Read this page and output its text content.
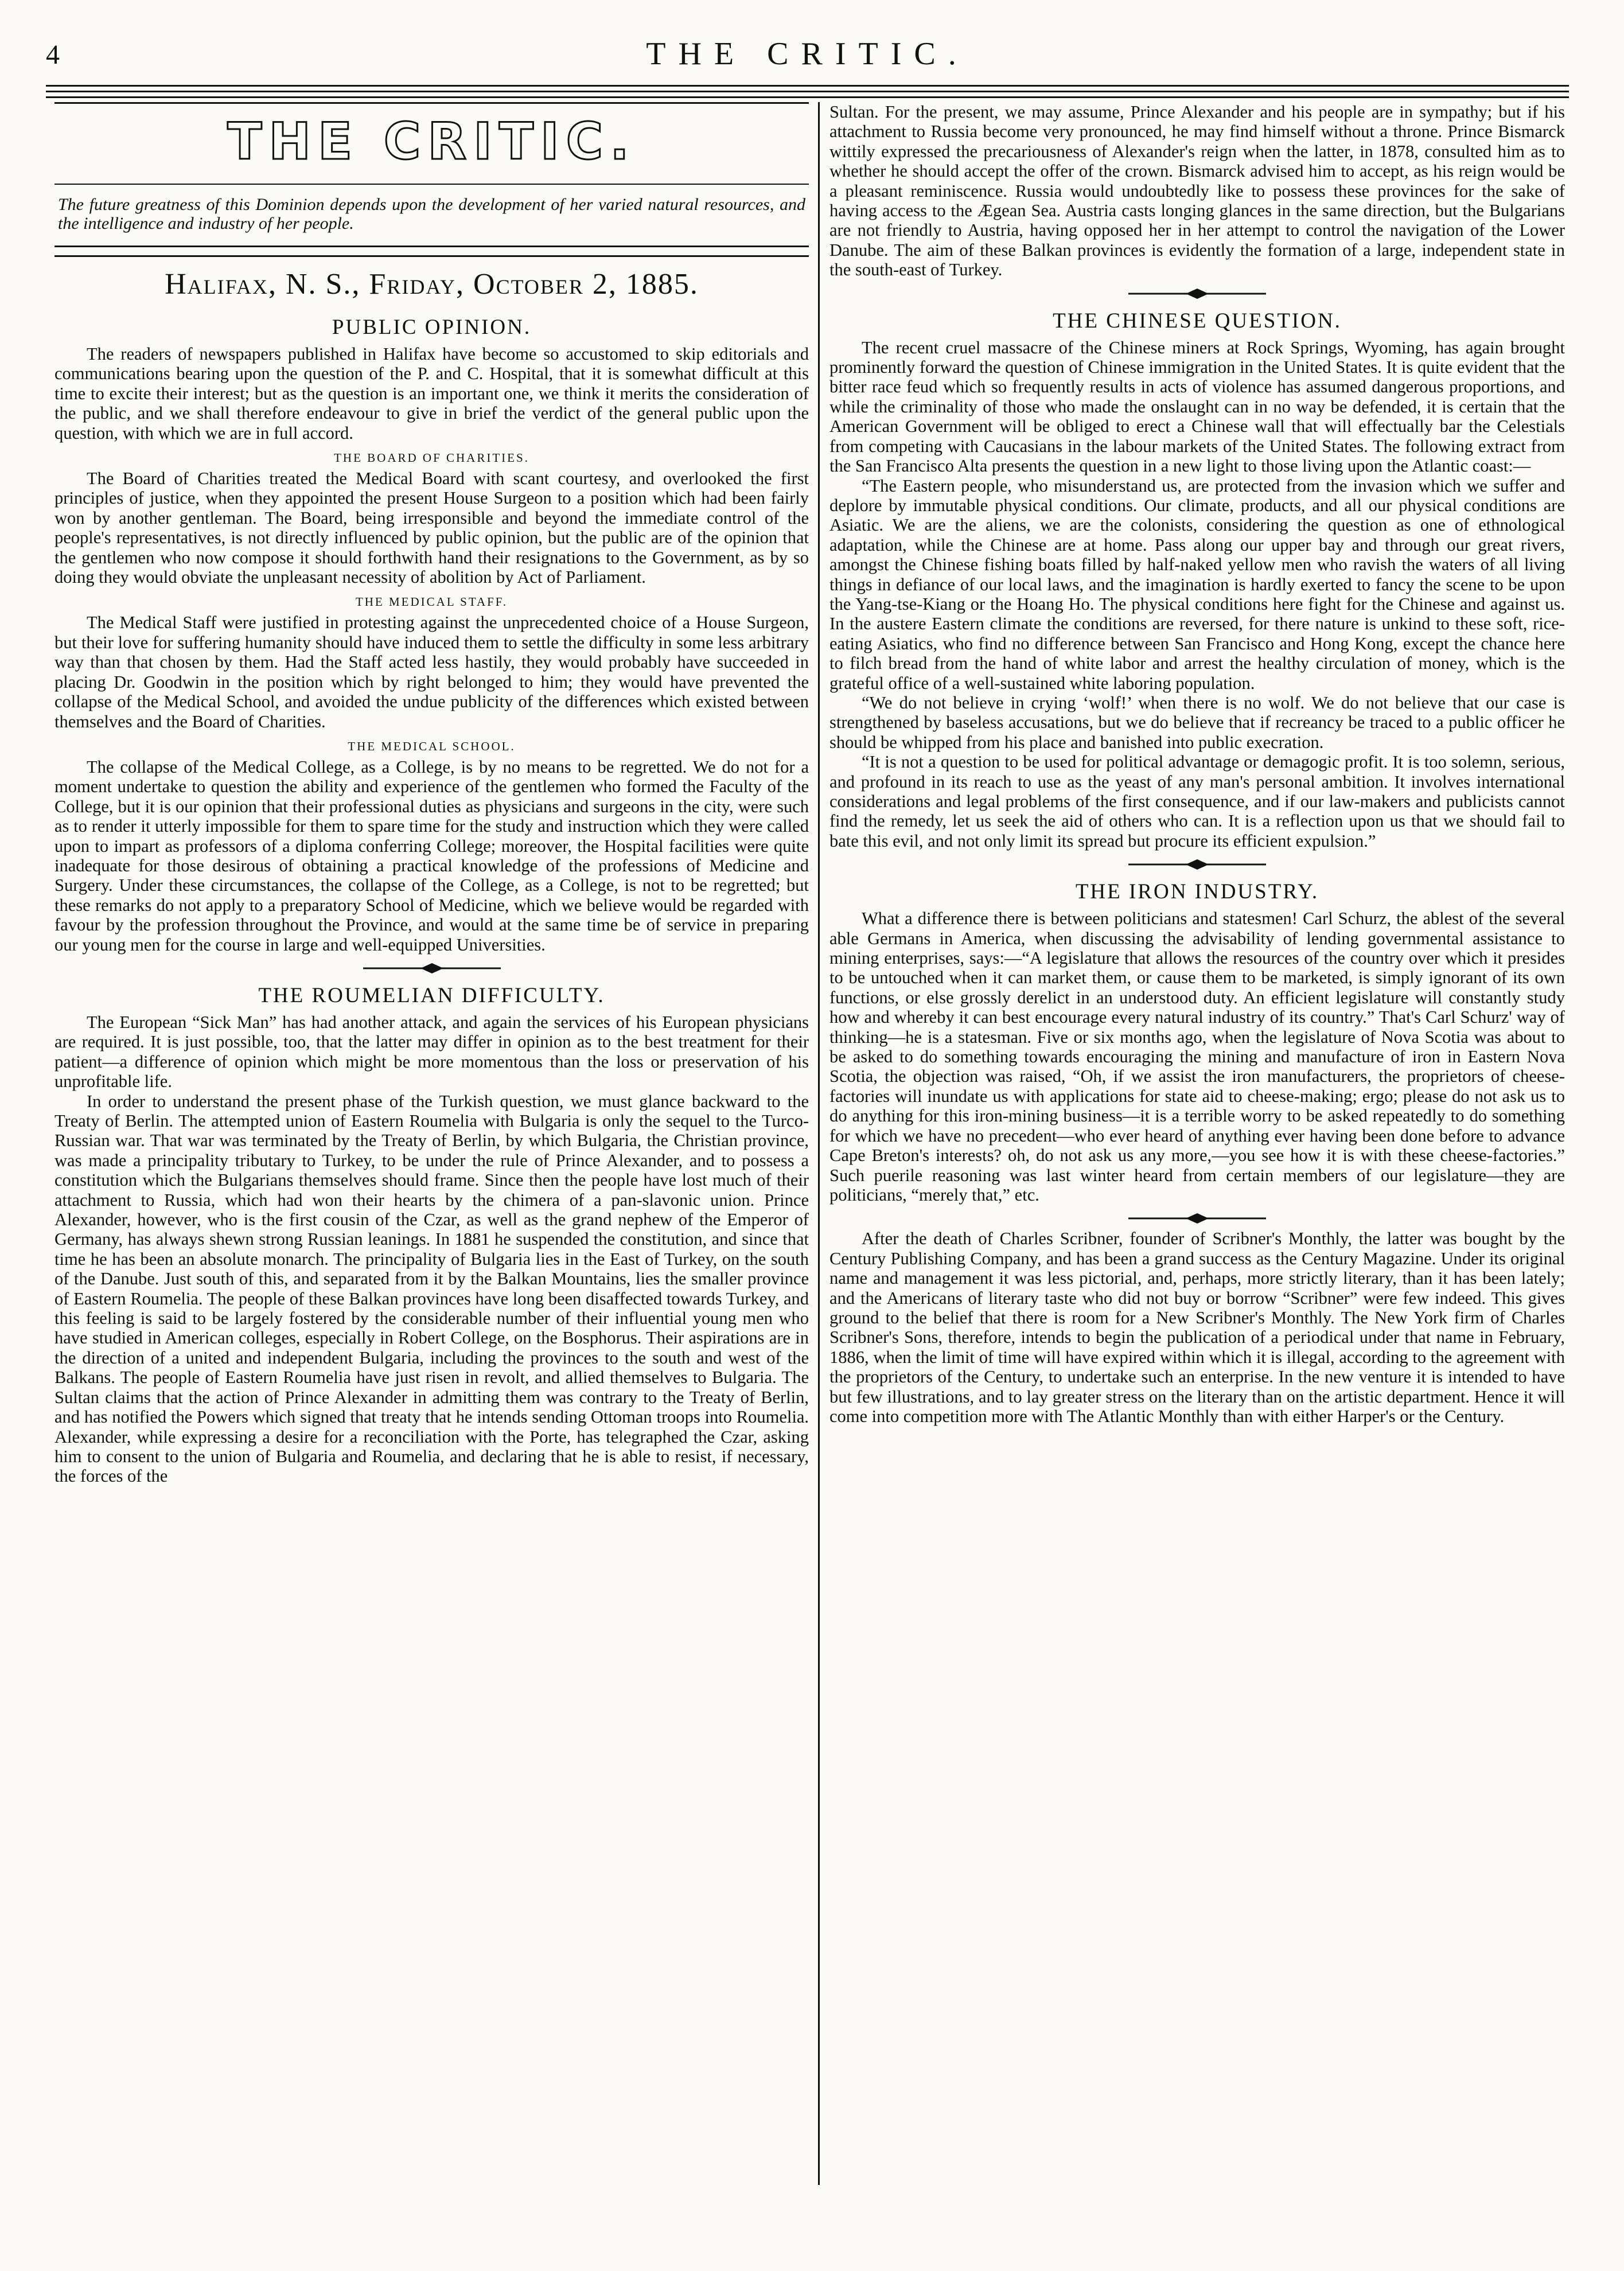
4	THE CRITIC.
THE CRITIC.
The future greatness of this Dominion depends upon the development of her varied natural resources, and the intelligence and industry of her people.
Halifax, N. S., Friday, October 2, 1885.
PUBLIC OPINION.

The readers of newspapers published in Halifax have become so accustomed to skip editorials and communications bearing upon the question of the P. and C. Hospital, that it is somewhat difficult at this time to excite their interest; but as the question is an important one, we think it merits the consideration of the public, and we shall therefore endeavour to give in brief the verdict of the general public upon the question, with which we are in full accord.

THE BOARD OF CHARITIES.

The Board of Charities treated the Medical Board with scant courtesy, and overlooked the first principles of justice, when they appointed the present House Surgeon to a position which had been fairly won by another gentleman. The Board, being irresponsible and beyond the immediate control of the people's representatives, is not directly influenced by public opinion, but the public are of the opinion that the gentlemen who now compose it should forthwith hand their resignations to the Government, as by so doing they would obviate the unpleasant necessity of abolition by Act of Parliament.

THE MEDICAL STAFF.

The Medical Staff were justified in protesting against the unprecedented choice of a House Surgeon, but their love for suffering humanity should have induced them to settle the difficulty in some less arbitrary way than that chosen by them. Had the Staff acted less hastily, they would probably have succeeded in placing Dr. Goodwin in the position which by right belonged to him; they would have prevented the collapse of the Medical School, and avoided the undue publicity of the differences which existed between themselves and the Board of Charities.

THE MEDICAL SCHOOL.

The collapse of the Medical College, as a College, is by no means to be regretted. We do not for a moment undertake to question the ability and experience of the gentlemen who formed the Faculty of the College, but it is our opinion that their professional duties as physicians and surgeons in the city, were such as to render it utterly impossible for them to spare time for the study and instruction which they were called upon to impart as professors of a diploma conferring College; moreover, the Hospital facilities were quite inadequate for those desirous of obtaining a practical knowledge of the professions of Medicine and Surgery. Under these circumstances, the collapse of the College, as a College, is not to be regretted; but these remarks do not apply to a preparatory School of Medicine, which we believe would be regarded with favour by the profession throughout the Province, and would at the same time be of service in preparing our young men for the course in large and well-equipped Universities.

THE ROUMELIAN DIFFICULTY.

The European “Sick Man” has had another attack, and again the services of his European physicians are required. It is just possible, too, that the latter may differ in opinion as to the best treatment for their patient—a difference of opinion which might be more momentous than the loss or preservation of his unprofitable life.

In order to understand the present phase of the Turkish question, we must glance backward to the Treaty of Berlin. The attempted union of Eastern Roumelia with Bulgaria is only the sequel to the Turco-Russian war. That war was terminated by the Treaty of Berlin, by which Bulgaria, the Christian province, was made a principality tributary to Turkey, to be under the rule of Prince Alexander, and to possess a constitution which the Bulgarians themselves should frame. Since then the people have lost much of their attachment to Russia, which had won their hearts by the chimera of a pan-slavonic union. Prince Alexander, however, who is the first cousin of the Czar, as well as the grand nephew of the Emperor of Germany, has always shewn strong Russian leanings. In 1881 he suspended the constitution, and since that time he has been an absolute monarch. The principality of Bulgaria lies in the East of Turkey, on the south of the Danube. Just south of this, and separated from it by the Balkan Mountains, lies the smaller province of Eastern Roumelia. The people of these Balkan provinces have long been disaffected towards Turkey, and this feeling is said to be largely fostered by the considerable number of their influential young men who have studied in American colleges, especially in Robert College, on the Bosphorus. Their aspirations are in the direction of a united and independent Bulgaria, including the provinces to the south and west of the Balkans. The people of Eastern Roumelia have just risen in revolt, and allied themselves to Bulgaria. The Sultan claims that the action of Prince Alexander in admitting them was contrary to the Treaty of Berlin, and has notified the Powers which signed that treaty that he intends sending Ottoman troops into Roumelia. Alexander, while expressing a desire for a reconciliation with the Porte, has telegraphed the Czar, asking him to consent to the union of Bulgaria and Roumelia, and declaring that he is able to resist, if necessary, the forces of the

Sultan. For the present, we may assume, Prince Alexander and his people are in sympathy; but if his attachment to Russia become very pronounced, he may find himself without a throne. Prince Bismarck wittily expressed the precariousness of Alexander's reign when the latter, in 1878, consulted him as to whether he should accept the offer of the crown. Bismarck advised him to accept, as his reign would be a pleasant reminiscence. Russia would undoubtedly like to possess these provinces for the sake of having access to the Ægean Sea. Austria casts longing glances in the same direction, but the Bulgarians are not friendly to Austria, having opposed her in her attempt to control the navigation of the Lower Danube. The aim of these Balkan provinces is evidently the formation of a large, independent state in the south-east of Turkey.

THE CHINESE QUESTION.

The recent cruel massacre of the Chinese miners at Rock Springs, Wyoming, has again brought prominently forward the question of Chinese immigration in the United States. It is quite evident that the bitter race feud which so frequently results in acts of violence has assumed dangerous proportions, and while the criminality of those who made the onslaught can in no way be defended, it is certain that the American Government will be obliged to erect a Chinese wall that will effectually bar the Celestials from competing with Caucasians in the labour markets of the United States. The following extract from the San Francisco Alta presents the question in a new light to those living upon the Atlantic coast:—

“The Eastern people, who misunderstand us, are protected from the invasion which we suffer and deplore by immutable physical conditions. Our climate, products, and all our physical conditions are Asiatic. We are the aliens, we are the colonists, considering the question as one of ethnological adaptation, while the Chinese are at home. Pass along our upper bay and through our great rivers, amongst the Chinese fishing boats filled by half-naked yellow men who ravish the waters of all living things in defiance of our local laws, and the imagination is hardly exerted to fancy the scene to be upon the Yang-tse-Kiang or the Hoang Ho. The physical conditions here fight for the Chinese and against us. In the austere Eastern climate the conditions are reversed, for there nature is unkind to these soft, rice-eating Asiatics, who find no difference between San Francisco and Hong Kong, except the chance here to filch bread from the hand of white labor and arrest the healthy circulation of money, which is the grateful office of a well-sustained white laboring population.

“We do not believe in crying ‘wolf!’ when there is no wolf. We do not believe that our case is strengthened by baseless accusations, but we do believe that if recreancy be traced to a public officer he should be whipped from his place and banished into public execration.

“It is not a question to be used for political advantage or demagogic profit. It is too solemn, serious, and profound in its reach to use as the yeast of any man's personal ambition. It involves international considerations and legal problems of the first consequence, and if our law-makers and publicists cannot find the remedy, let us seek the aid of others who can. It is a reflection upon us that we should fail to bate this evil, and not only limit its spread but procure its efficient expulsion.”

THE IRON INDUSTRY.

What a difference there is between politicians and statesmen! Carl Schurz, the ablest of the several able Germans in America, when discussing the advisability of lending governmental assistance to mining enterprises, says:—“A legislature that allows the resources of the country over which it presides to be untouched when it can market them, or cause them to be marketed, is simply ignorant of its own functions, or else grossly derelict in an understood duty. An efficient legislature will constantly study how and whereby it can best encourage every natural industry of its country.” That's Carl Schurz' way of thinking—he is a statesman. Five or six months ago, when the legislature of Nova Scotia was about to be asked to do something towards encouraging the mining and manufacture of iron in Eastern Nova Scotia, the objection was raised, “Oh, if we assist the iron manufacturers, the proprietors of cheese-factories will inundate us with applications for state aid to cheese-making; ergo; please do not ask us to do anything for this iron-mining business—it is a terrible worry to be asked repeatedly to do something for which we have no precedent—who ever heard of anything ever having been done before to advance Cape Breton's interests? oh, do not ask us any more,—you see how it is with these cheese-factories.” Such puerile reasoning was last winter heard from certain members of our legislature—they are politicians, “merely that,” etc.

After the death of Charles Scribner, founder of Scribner's Monthly, the latter was bought by the Century Publishing Company, and has been a grand success as the Century Magazine. Under its original name and management it was less pictorial, and, perhaps, more strictly literary, than it has been lately; and the Americans of literary taste who did not buy or borrow “Scribner” were few indeed. This gives ground to the belief that there is room for a New Scribner's Monthly. The New York firm of Charles Scribner's Sons, therefore, intends to begin the publication of a periodical under that name in February, 1886, when the limit of time will have expired within which it is illegal, according to the agreement with the proprietors of the Century, to undertake such an enterprise. In the new venture it is intended to have but few illustrations, and to lay greater stress on the literary than on the artistic department. Hence it will come into competition more with The Atlantic Monthly than with either Harper's or the Century.
